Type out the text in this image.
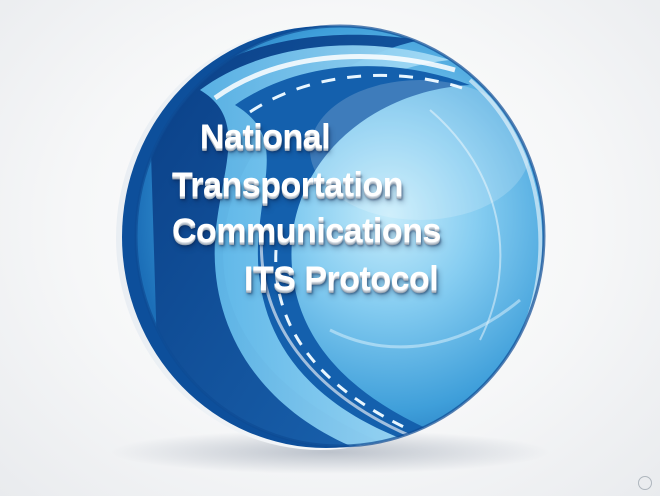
National
Transportation
Communications
ITS Protocol
